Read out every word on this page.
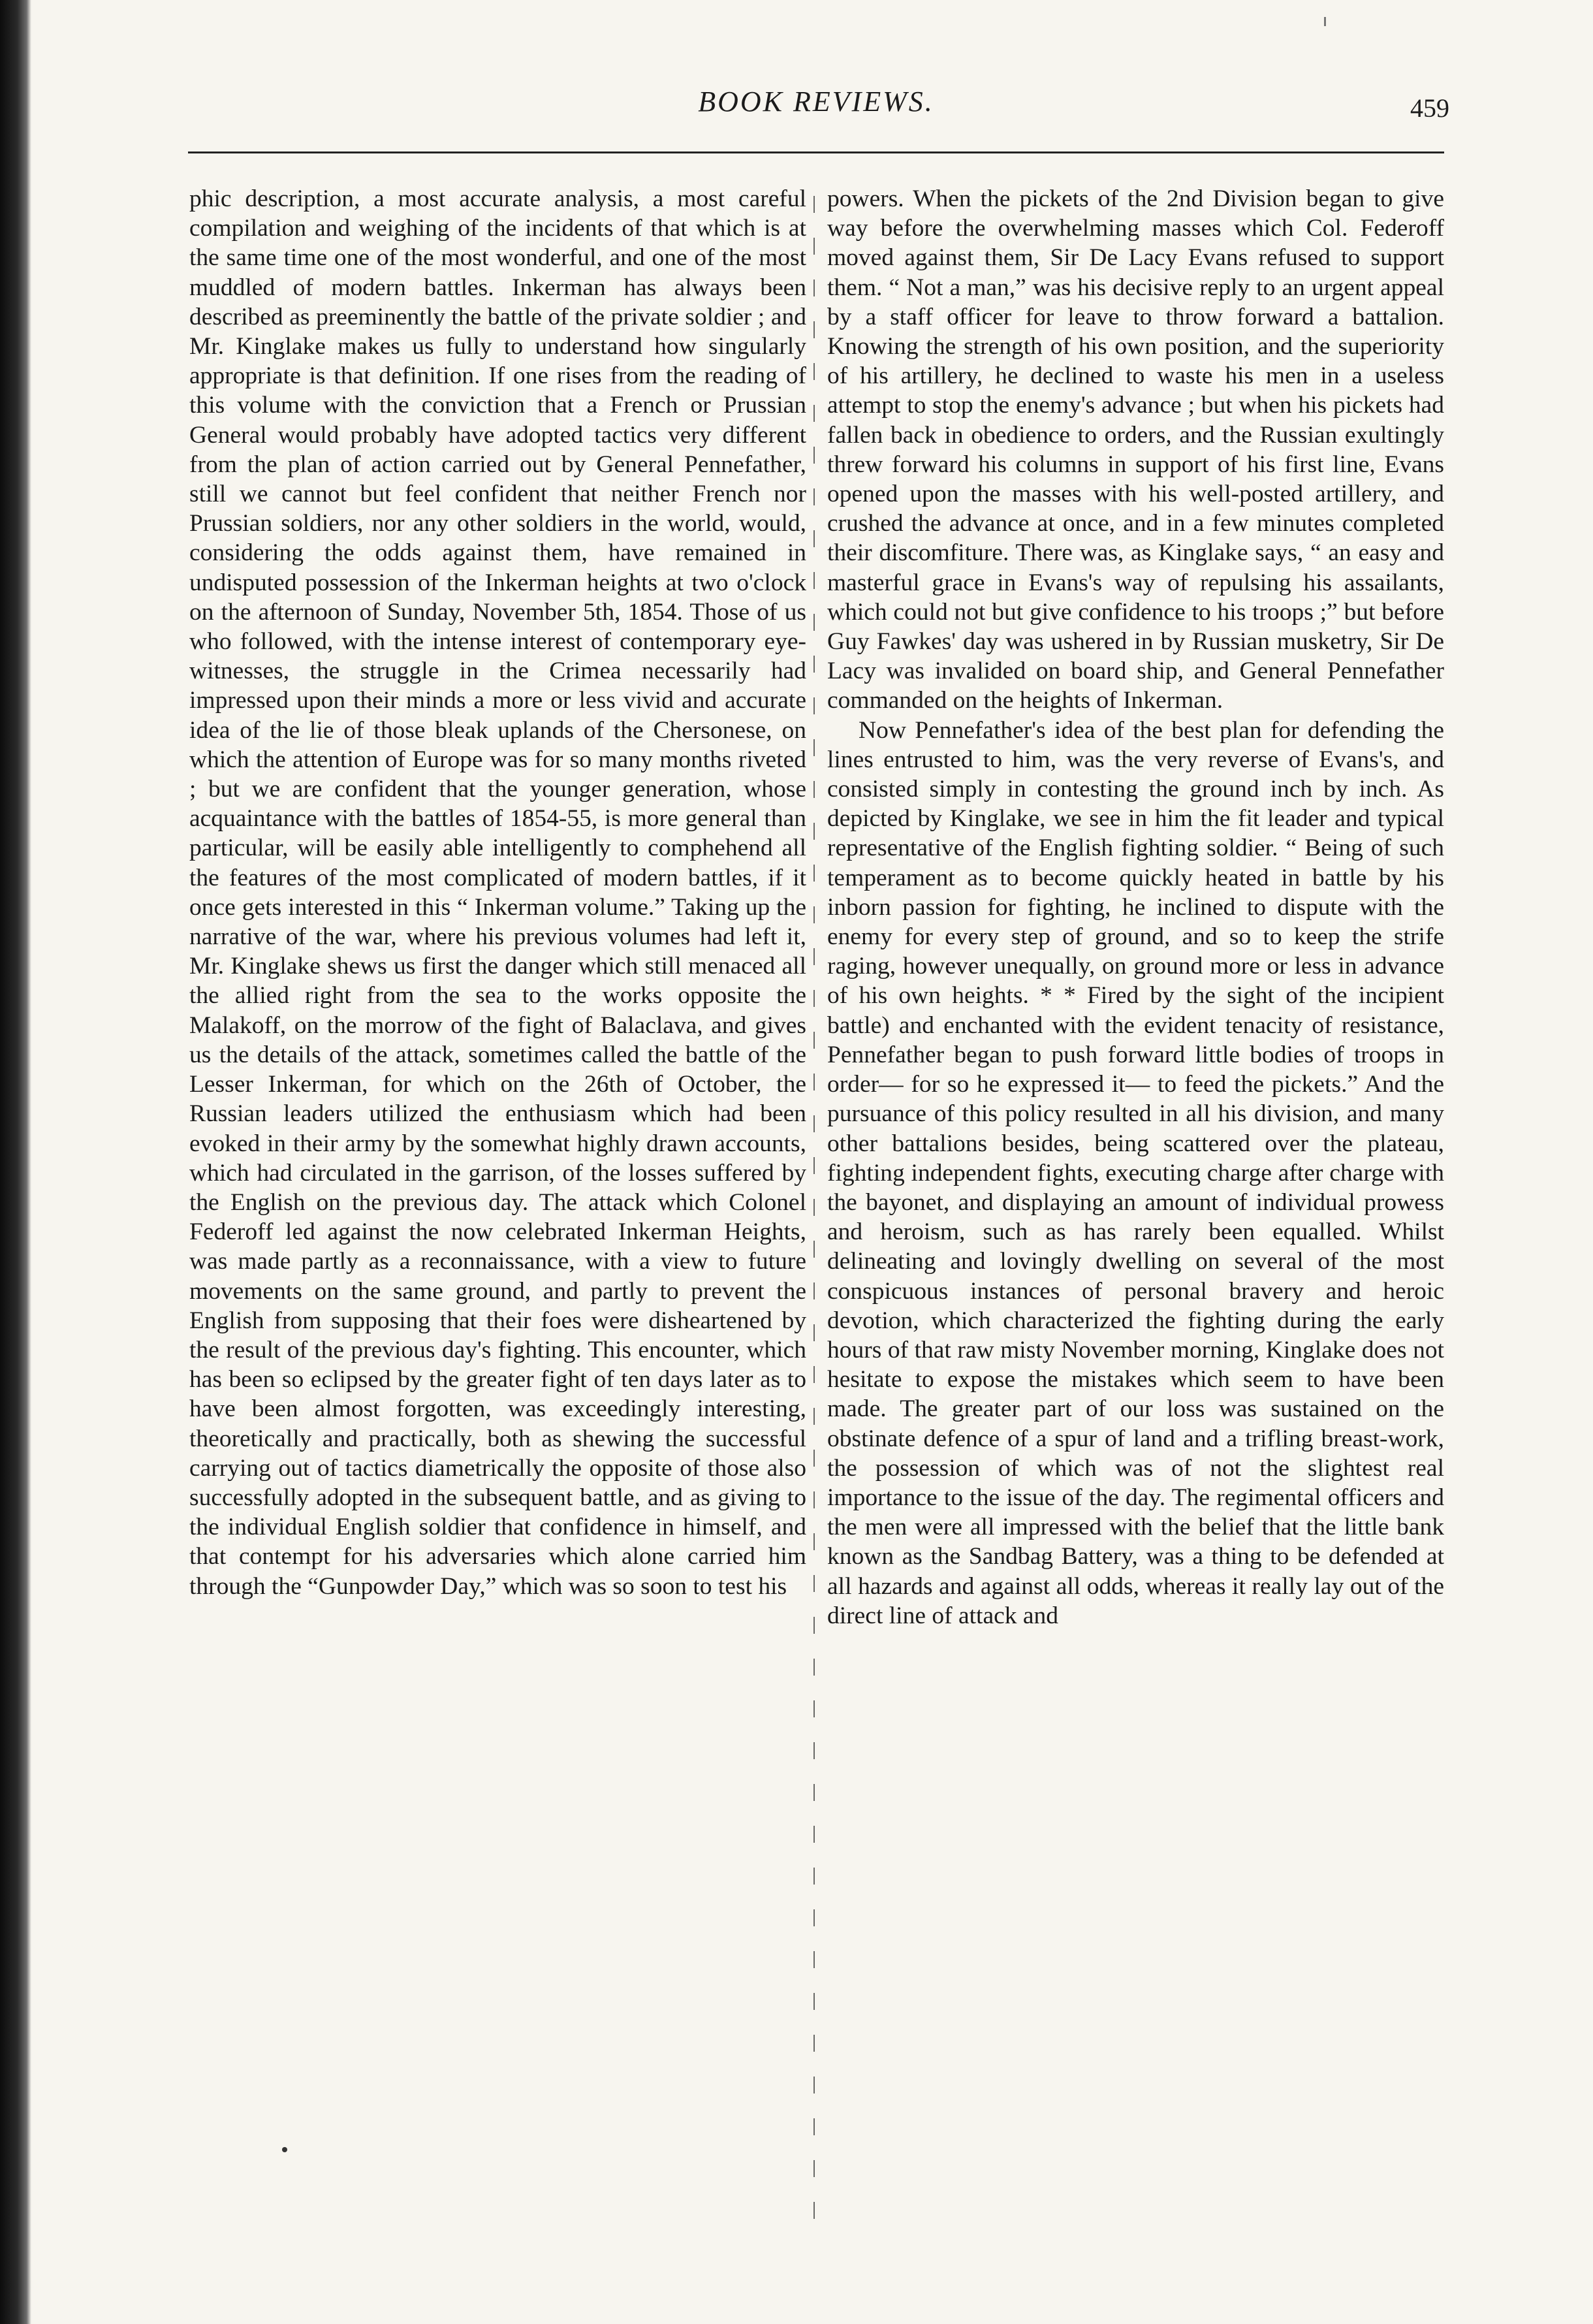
BOOK REVIEWS.	459

phic description, a most accurate analysis, a most careful compilation and weighing of the incidents of that which is at the same time one of the most wonderful, and one of the most muddled of modern battles. Inkerman has always been described as preeminently the battle of the private soldier ; and Mr. Kinglake makes us fully to understand how singularly appropriate is that definition. If one rises from the reading of this volume with the conviction that a French or Prussian General would probably have adopted tactics very different from the plan of action carried out by General Pennefather, still we cannot but feel confident that neither French nor Prussian soldiers, nor any other soldiers in the world, would, considering the odds against them, have remained in undisputed possession of the Inkerman heights at two o'clock on the afternoon of Sunday, November 5th, 1854. Those of us who followed, with the intense interest of contemporary eye-witnesses, the struggle in the Crimea necessarily had impressed upon their minds a more or less vivid and accurate idea of the lie of those bleak uplands of the Chersonese, on which the attention of Europe was for so many months riveted ; but we are confident that the younger generation, whose acquaintance with the battles of 1854-55, is more general than particular, will be easily able intelligently to comphehend all the features of the most complicated of modern battles, if it once gets interested in this “ Inkerman volume.” Taking up the narrative of the war, where his previous volumes had left it, Mr. Kinglake shews us first the danger which still menaced all the allied right from the sea to the works opposite the Malakoff, on the morrow of the fight of Balaclava, and gives us the details of the attack, sometimes called the battle of the Lesser Inkerman, for which on the 26th of October, the Russian leaders utilized the enthusiasm which had been evoked in their army by the somewhat highly drawn accounts, which had circulated in the garrison, of the losses suffered by the English on the previous day. The attack which Colonel Federoff led against the now celebrated Inkerman Heights, was made partly as a reconnaissance, with a view to future movements on the same ground, and partly to prevent the English from supposing that their foes were disheartened by the result of the previous day's fighting. This encounter, which has been so eclipsed by the greater fight of ten days later as to have been almost forgotten, was exceedingly interesting, theoretically and practically, both as shewing the successful carrying out of tactics diametrically the opposite of those also successfully adopted in the subsequent battle, and as giving to the individual English soldier that confidence in himself, and that contempt for his adversaries which alone carried him through the “Gunpowder Day,” which was so soon to test his

powers. When the pickets of the 2nd Division began to give way before the overwhelming masses which Col. Federoff moved against them, Sir De Lacy Evans refused to support them. “ Not a man,” was his decisive reply to an urgent appeal by a staff officer for leave to throw forward a battalion. Knowing the strength of his own position, and the superiority of his artillery, he declined to waste his men in a useless attempt to stop the enemy's advance ; but when his pickets had fallen back in obedience to orders, and the Russian exultingly threw forward his columns in support of his first line, Evans opened upon the masses with his well-posted artillery, and crushed the advance at once, and in a few minutes completed their discomfiture. There was, as Kinglake says, “ an easy and masterful grace in Evans's way of repulsing his assailants, which could not but give confidence to his troops ;” but before Guy Fawkes' day was ushered in by Russian musketry, Sir De Lacy was invalided on board ship, and General Pennefather commanded on the heights of Inkerman.

Now Pennefather's idea of the best plan for defending the lines entrusted to him, was the very reverse of Evans's, and consisted simply in contesting the ground inch by inch. As depicted by Kinglake, we see in him the fit leader and typical representative of the English fighting soldier. “ Being of such temperament as to become quickly heated in battle by his inborn passion for fighting, he inclined to dispute with the enemy for every step of ground, and so to keep the strife raging, however unequally, on ground more or less in advance of his own heights. * * Fired by the sight of the incipient battle) and enchanted with the evident tenacity of resistance, Pennefather began to push forward little bodies of troops in order— for so he expressed it— to feed the pickets.” And the pursuance of this policy resulted in all his division, and many other battalions besides, being scattered over the plateau, fighting independent fights, executing charge after charge with the bayonet, and displaying an amount of individual prowess and heroism, such as has rarely been equalled. Whilst delineating and lovingly dwelling on several of the most conspicuous instances of personal bravery and heroic devotion, which characterized the fighting during the early hours of that raw misty November morning, Kinglake does not hesitate to expose the mistakes which seem to have been made. The greater part of our loss was sustained on the obstinate defence of a spur of land and a trifling breast-work, the possession of which was of not the slightest real importance to the issue of the day. The regimental officers and the men were all impressed with the belief that the little bank known as the Sandbag Battery, was a thing to be defended at all hazards and against all odds, whereas it really lay out of the direct line of attack and
